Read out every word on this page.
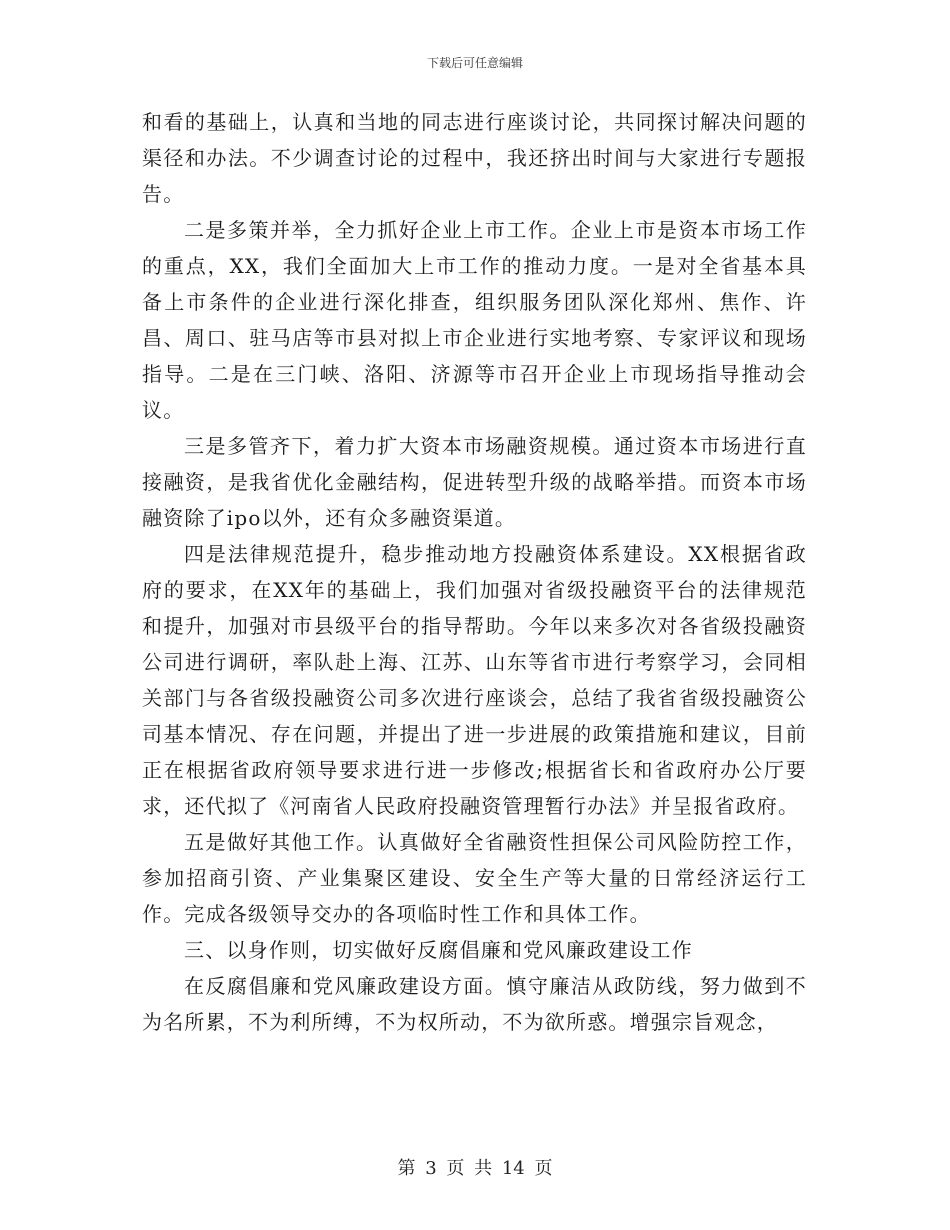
下载后可任意编辑

和看的基础上，认真和当地的同志进行座谈讨论，共同探讨解决问题的渠径和办法。不少调查讨论的过程中，我还挤出时间与大家进行专题报告。

二是多策并举，全力抓好企业上市工作。企业上市是资本市场工作的重点，XX，我们全面加大上市工作的推动力度。一是对全省基本具备上市条件的企业进行深化排查，组织服务团队深化郑州、焦作、许昌、周口、驻马店等市县对拟上市企业进行实地考察、专家评议和现场指导。二是在三门峡、洛阳、济源等市召开企业上市现场指导推动会议。

三是多管齐下，着力扩大资本市场融资规模。通过资本市场进行直接融资，是我省优化金融结构，促进转型升级的战略举措。而资本市场融资除了ipo以外，还有众多融资渠道。

四是法律规范提升，稳步推动地方投融资体系建设。XX根据省政府的要求，在XX年的基础上，我们加强对省级投融资平台的法律规范和提升，加强对市县级平台的指导帮助。今年以来多次对各省级投融资公司进行调研，率队赴上海、江苏、山东等省市进行考察学习，会同相关部门与各省级投融资公司多次进行座谈会，总结了我省省级投融资公司基本情况、存在问题，并提出了进一步进展的政策措施和建议，目前正在根据省政府领导要求进行进一步修改;根据省长和省政府办公厅要求，还代拟了《河南省人民政府投融资管理暂行办法》并呈报省政府。

五是做好其他工作。认真做好全省融资性担保公司风险防控工作，参加招商引资、产业集聚区建设、安全生产等大量的日常经济运行工作。完成各级领导交办的各项临时性工作和具体工作。

三、以身作则，切实做好反腐倡廉和党风廉政建设工作

在反腐倡廉和党风廉政建设方面。慎守廉洁从政防线，努力做到不为名所累，不为利所缚，不为权所动，不为欲所惑。增强宗旨观念，

第 3 页 共 14 页
